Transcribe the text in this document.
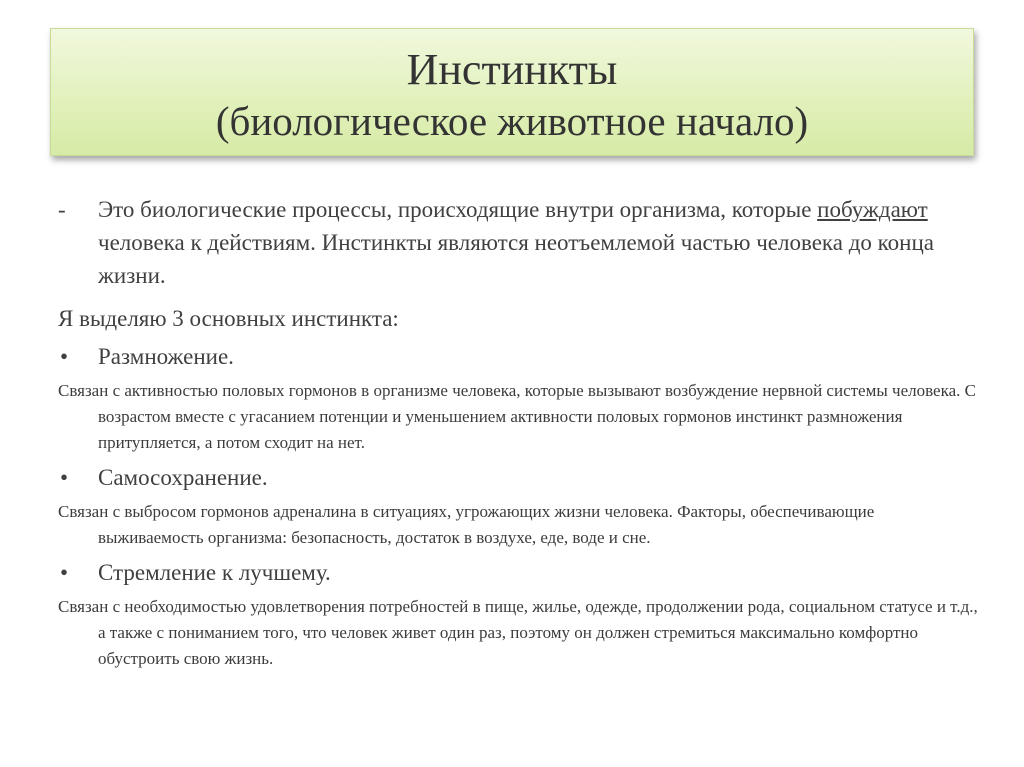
Инстинкты
(биологическое животное начало)
- Это биологические процессы, происходящие внутри организма, которые побуждают человека к действиям. Инстинкты являются неотъемлемой частью человека до конца жизни.
Я выделяю 3 основных инстинкта:
• Размножение.
Связан с активностью половых гормонов в организме человека, которые вызывают возбуждение нервной системы человека. С возрастом вместе с угасанием потенции и уменьшением активности половых гормонов инстинкт размножения притупляется, а потом сходит на нет.
• Самосохранение.
Связан с выбросом гормонов адреналина в ситуациях, угрожающих жизни человека. Факторы, обеспечивающие выживаемость организма: безопасность, достаток в воздухе, еде, воде и сне.
• Стремление к лучшему.
Связан с необходимостью удовлетворения потребностей в пище, жилье, одежде, продолжении рода, социальном статусе и т.д., а также с пониманием того, что человек живет один раз, поэтому он должен стремиться максимально комфортно обустроить свою жизнь.
